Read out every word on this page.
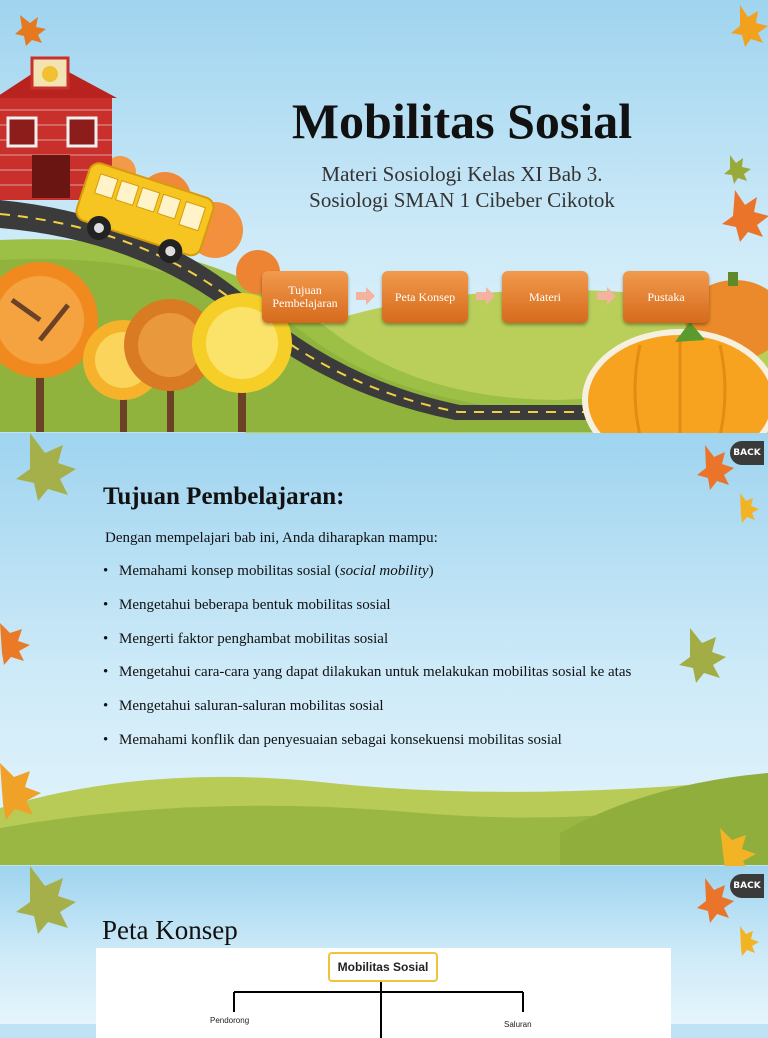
Mobilitas Sosial
Materi Sosiologi Kelas XI Bab 3.
Sosiologi SMAN 1 Cibeber Cikotok
Tujuan Pembelajaran	Peta Konsep	Materi	Pustaka
BACK
Tujuan Pembelajaran:
Dengan mempelajari bab ini, Anda diharapkan mampu:
• Memahami konsep mobilitas sosial (social mobility)
• Mengetahui beberapa bentuk mobilitas sosial
• Mengerti faktor penghambat mobilitas sosial
• Mengetahui cara-cara yang dapat dilakukan untuk melakukan mobilitas sosial ke atas
• Mengetahui saluran-saluran mobilitas sosial
• Memahami konflik dan penyesuaian sebagai konsekuensi mobilitas sosial
BACK
Peta Konsep
Mobilitas Sosial
Pendorong	Saluran
